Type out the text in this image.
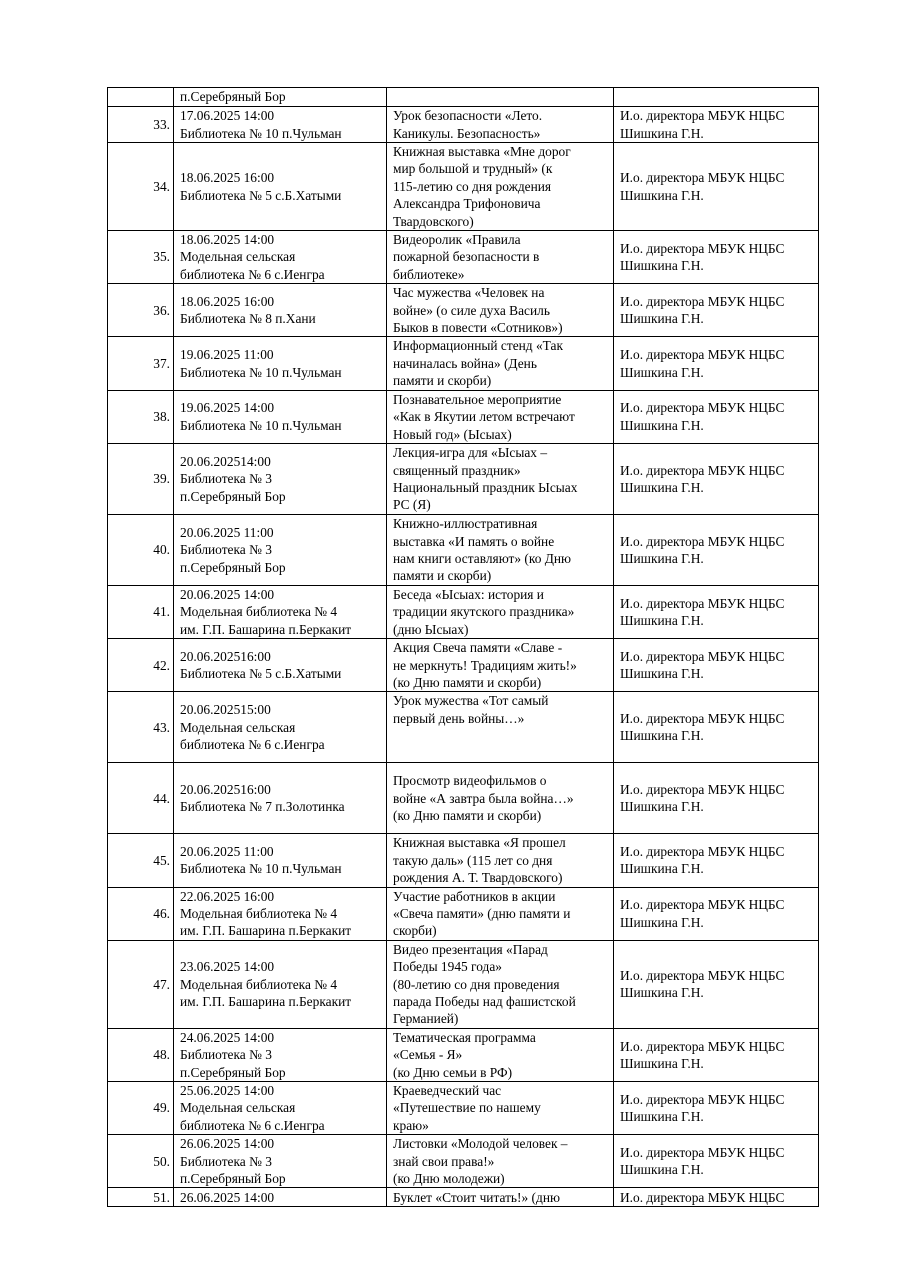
	п.Серебряный Бор		
33.	17.06.2025 14:00
Библиотека № 10 п.Чульман	Урок безопасности «Лето.
Каникулы. Безопасность»	И.о. директора МБУК НЦБС
Шишкина Г.Н.
34.	18.06.2025 16:00
Библиотека № 5 с.Б.Хатыми	Книжная выставка «Мне дорог
мир большой и трудный» (к
115-летию со дня рождения
Александра Трифоновича
Твардовского)	И.о. директора МБУК НЦБС
Шишкина Г.Н.
35.	18.06.2025 14:00
Модельная сельская
библиотека № 6 с.Иенгра	Видеоролик «Правила
пожарной безопасности в
библиотеке»	И.о. директора МБУК НЦБС
Шишкина Г.Н.
36.	18.06.2025 16:00
Библиотека № 8 п.Хани	Час мужества «Человек на
войне» (о силе духа Василь
Быков в повести «Сотников»)	И.о. директора МБУК НЦБС
Шишкина Г.Н.
37.	19.06.2025 11:00
Библиотека № 10 п.Чульман	Информационный стенд «Так
начиналась война» (День
памяти и скорби)	И.о. директора МБУК НЦБС
Шишкина Г.Н.
38.	19.06.2025 14:00
Библиотека № 10 п.Чульман	Познавательное мероприятие
«Как в Якутии летом встречают
Новый год» (Ысыах)	И.о. директора МБУК НЦБС
Шишкина Г.Н.
39.	20.06.202514:00
Библиотека № 3
п.Серебряный Бор	Лекция-игра для «Ысыах –
священный праздник»
Национальный праздник Ысыах
РС (Я)	И.о. директора МБУК НЦБС
Шишкина Г.Н.
40.	20.06.2025 11:00
Библиотека № 3
п.Серебряный Бор	Книжно-иллюстративная
выставка «И память о войне
нам книги оставляют» (ко Дню
памяти и скорби)	И.о. директора МБУК НЦБС
Шишкина Г.Н.
41.	20.06.2025 14:00
Модельная библиотека № 4
им. Г.П. Башарина п.Беркакит	Беседа «Ысыах: история и
традиции якутского праздника»
(дню Ысыах)	И.о. директора МБУК НЦБС
Шишкина Г.Н.
42.	20.06.202516:00
Библиотека № 5 с.Б.Хатыми	Акция Свеча памяти «Славе -
не меркнуть! Традициям жить!»
(ко Дню памяти и скорби)	И.о. директора МБУК НЦБС
Шишкина Г.Н.
43.	20.06.202515:00
Модельная сельская
библиотека № 6 с.Иенгра	Урок мужества «Тот самый
первый день войны…»	И.о. директора МБУК НЦБС
Шишкина Г.Н.
44.	20.06.202516:00
Библиотека № 7 п.Золотинка	Просмотр видеофильмов о
войне «А завтра была война…»
(ко Дню памяти и скорби)	И.о. директора МБУК НЦБС
Шишкина Г.Н.
45.	20.06.2025 11:00
Библиотека № 10 п.Чульман	Книжная выставка «Я прошел
такую даль» (115 лет со дня
рождения А. Т. Твардовского)	И.о. директора МБУК НЦБС
Шишкина Г.Н.
46.	22.06.2025 16:00
Модельная библиотека № 4
им. Г.П. Башарина п.Беркакит	Участие работников в акции
«Свеча памяти» (дню памяти и
скорби)	И.о. директора МБУК НЦБС
Шишкина Г.Н.
47.	23.06.2025 14:00
Модельная библиотека № 4
им. Г.П. Башарина п.Беркакит	Видео презентация «Парад
Победы 1945 года»
(80-летию со дня проведения
парада Победы над фашистской
Германией)	И.о. директора МБУК НЦБС
Шишкина Г.Н.
48.	24.06.2025 14:00
Библиотека № 3
п.Серебряный Бор	Тематическая программа
«Семья - Я»
(ко Дню семьи в РФ)	И.о. директора МБУК НЦБС
Шишкина Г.Н.
49.	25.06.2025 14:00
Модельная сельская
библиотека № 6 с.Иенгра	Краеведческий час
«Путешествие по нашему
краю»	И.о. директора МБУК НЦБС
Шишкина Г.Н.
50.	26.06.2025 14:00
Библиотека № 3
п.Серебряный Бор	Листовки «Молодой человек –
знай свои права!»
(ко Дню молодежи)	И.о. директора МБУК НЦБС
Шишкина Г.Н.
51.	26.06.2025 14:00	Буклет «Стоит читать!» (дню	И.о. директора МБУК НЦБС
